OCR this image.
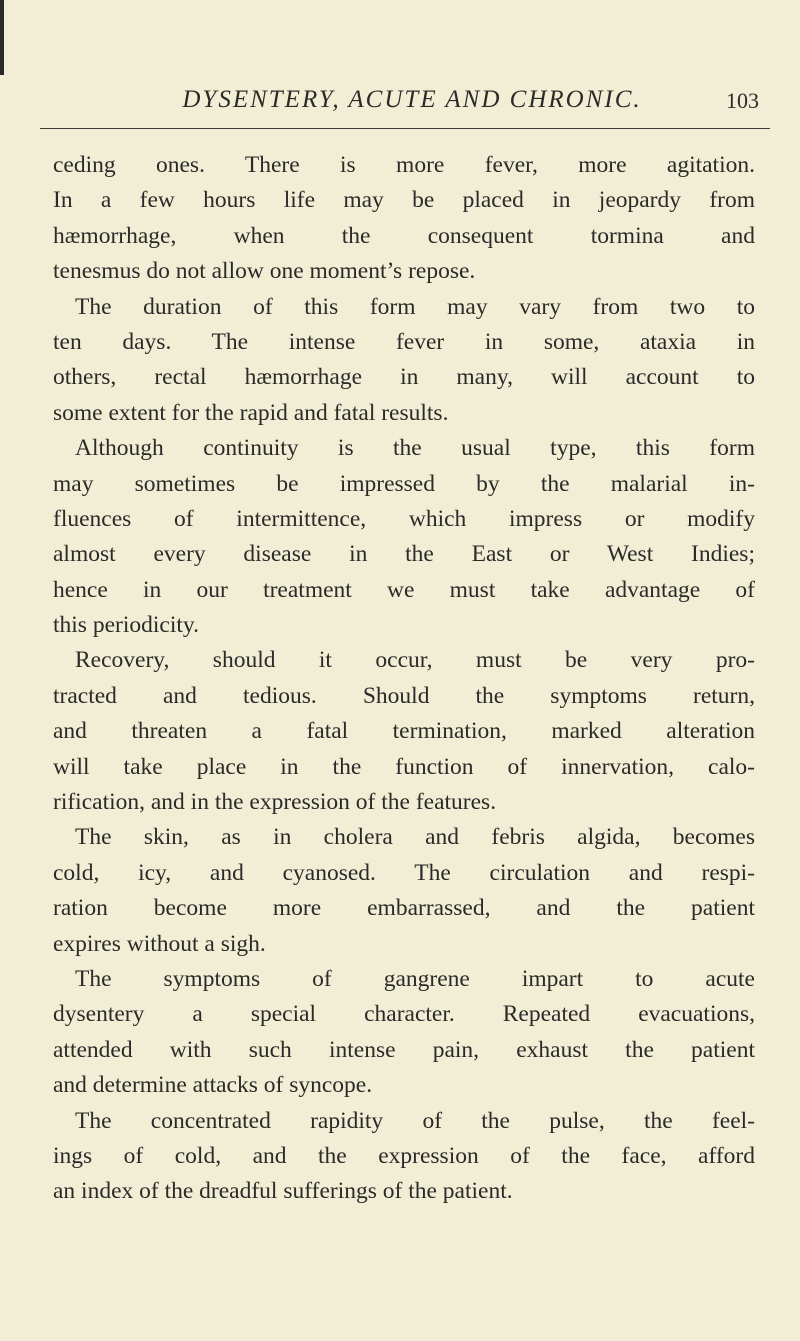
DYSENTERY, ACUTE AND CHRONIC.	103
ceding ones. There is more fever, more agitation.
In a few hours life may be placed in jeopardy from
hæmorrhage, when the consequent tormina and
tenesmus do not allow one moment’s repose.
The duration of this form may vary from two to
ten days. The intense fever in some, ataxia in
others, rectal hæmorrhage in many, will account to
some extent for the rapid and fatal results.
Although continuity is the usual type, this form
may sometimes be impressed by the malarial in-
fluences of intermittence, which impress or modify
almost every disease in the East or West Indies;
hence in our treatment we must take advantage of
this periodicity.
Recovery, should it occur, must be very pro-
tracted and tedious. Should the symptoms return,
and threaten a fatal termination, marked alteration
will take place in the function of innervation, calo-
rification, and in the expression of the features.
The skin, as in cholera and febris algida, becomes
cold, icy, and cyanosed. The circulation and respi-
ration become more embarrassed, and the patient
expires without a sigh.
The symptoms of gangrene impart to acute
dysentery a special character. Repeated evacuations,
attended with such intense pain, exhaust the patient
and determine attacks of syncope.
The concentrated rapidity of the pulse, the feel-
ings of cold, and the expression of the face, afford
an index of the dreadful sufferings of the patient.
